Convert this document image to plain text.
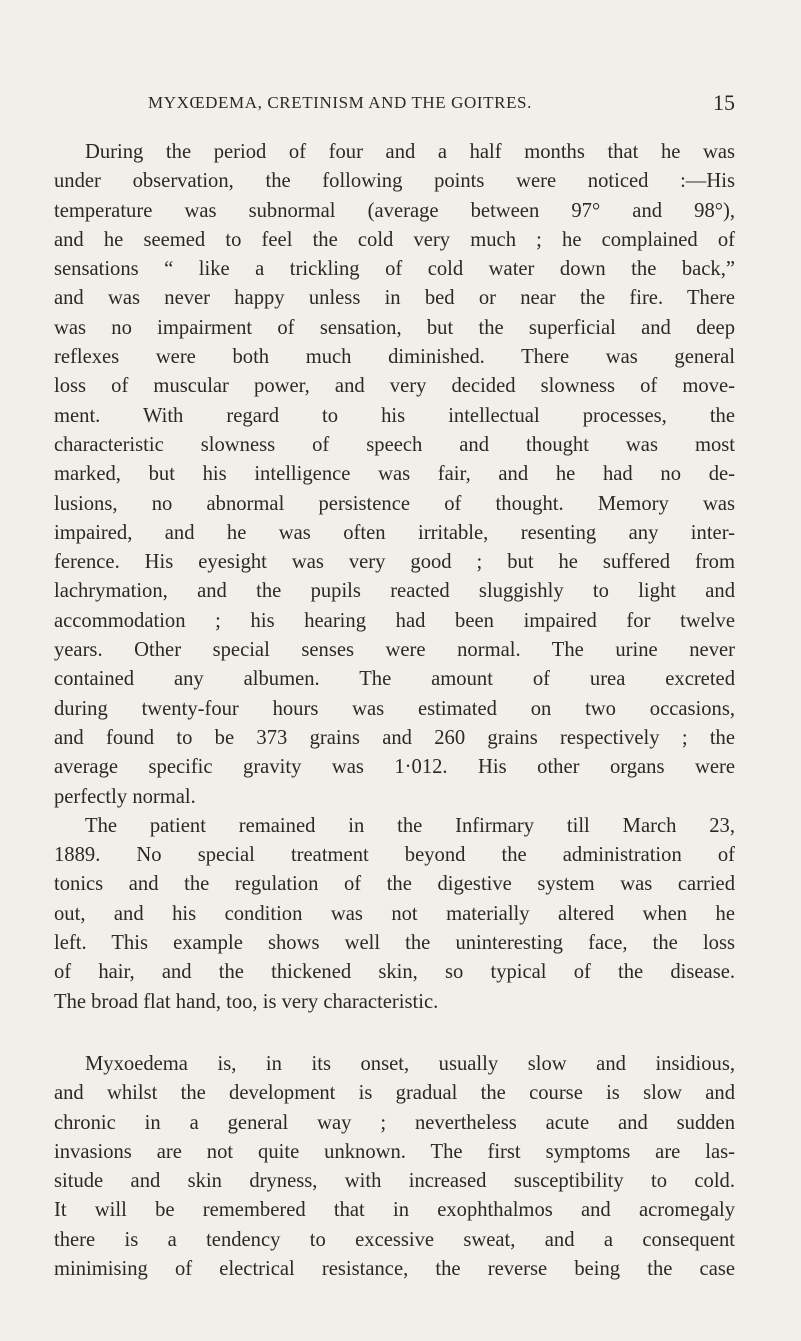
MYXŒDEMA, CRETINISM AND THE GOITRES.	15
During the period of four and a half months that he was
under observation, the following points were noticed :—His
temperature was subnormal (average between 97° and 98°),
and he seemed to feel the cold very much ; he complained of
sensations “ like a trickling of cold water down the back,”
and was never happy unless in bed or near the fire. There
was no impairment of sensation, but the superficial and deep
reflexes were both much diminished. There was general
loss of muscular power, and very decided slowness of move-
ment. With regard to his intellectual processes, the
characteristic slowness of speech and thought was most
marked, but his intelligence was fair, and he had no de-
lusions, no abnormal persistence of thought. Memory was
impaired, and he was often irritable, resenting any inter-
ference. His eyesight was very good ; but he suffered from
lachrymation, and the pupils reacted sluggishly to light and
accommodation ; his hearing had been impaired for twelve
years. Other special senses were normal. The urine never
contained any albumen. The amount of urea excreted
during twenty-four hours was estimated on two occasions,
and found to be 373 grains and 260 grains respectively ; the
average specific gravity was 1·012. His other organs were
perfectly normal.
The patient remained in the Infirmary till March 23,
1889. No special treatment beyond the administration of
tonics and the regulation of the digestive system was carried
out, and his condition was not materially altered when he
left. This example shows well the uninteresting face, the loss
of hair, and the thickened skin, so typical of the disease.
The broad flat hand, too, is very characteristic.
Myxoedema is, in its onset, usually slow and insidious,
and whilst the development is gradual the course is slow and
chronic in a general way ; nevertheless acute and sudden
invasions are not quite unknown. The first symptoms are las-
situde and skin dryness, with increased susceptibility to cold.
It will be remembered that in exophthalmos and acromegaly
there is a tendency to excessive sweat, and a consequent
minimising of electrical resistance, the reverse being the case
